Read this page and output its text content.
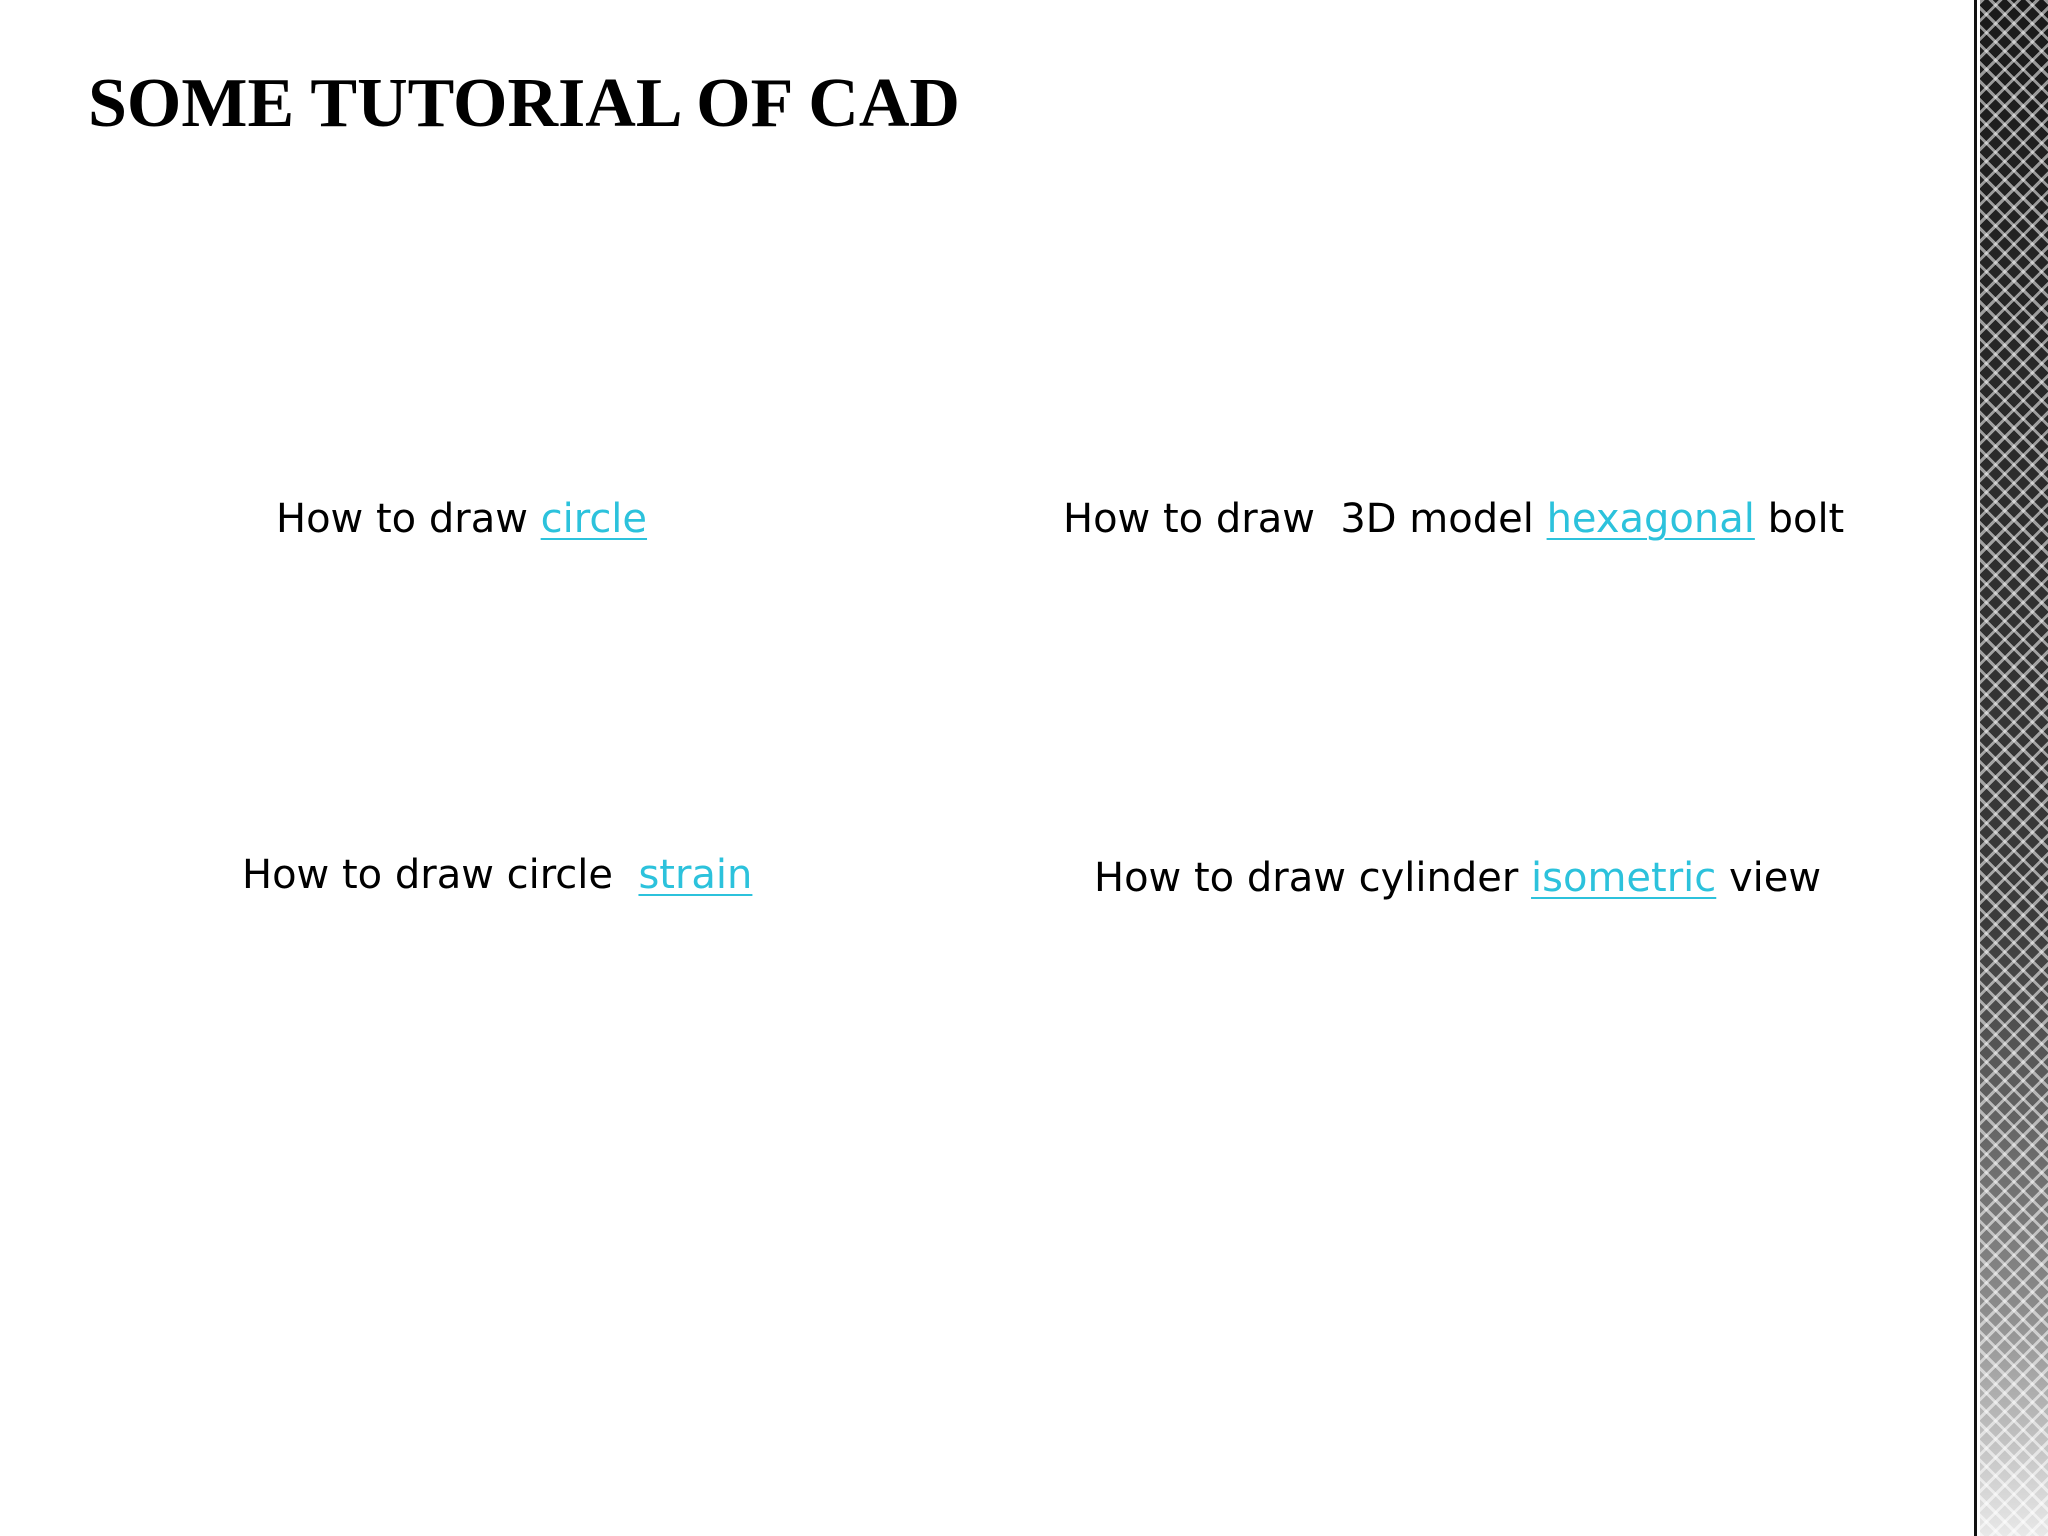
SOME TUTORIAL OF CAD
How to draw circle	How to draw  3D model hexagonal bolt
How to draw circle  strain	How to draw cylinder isometric view
